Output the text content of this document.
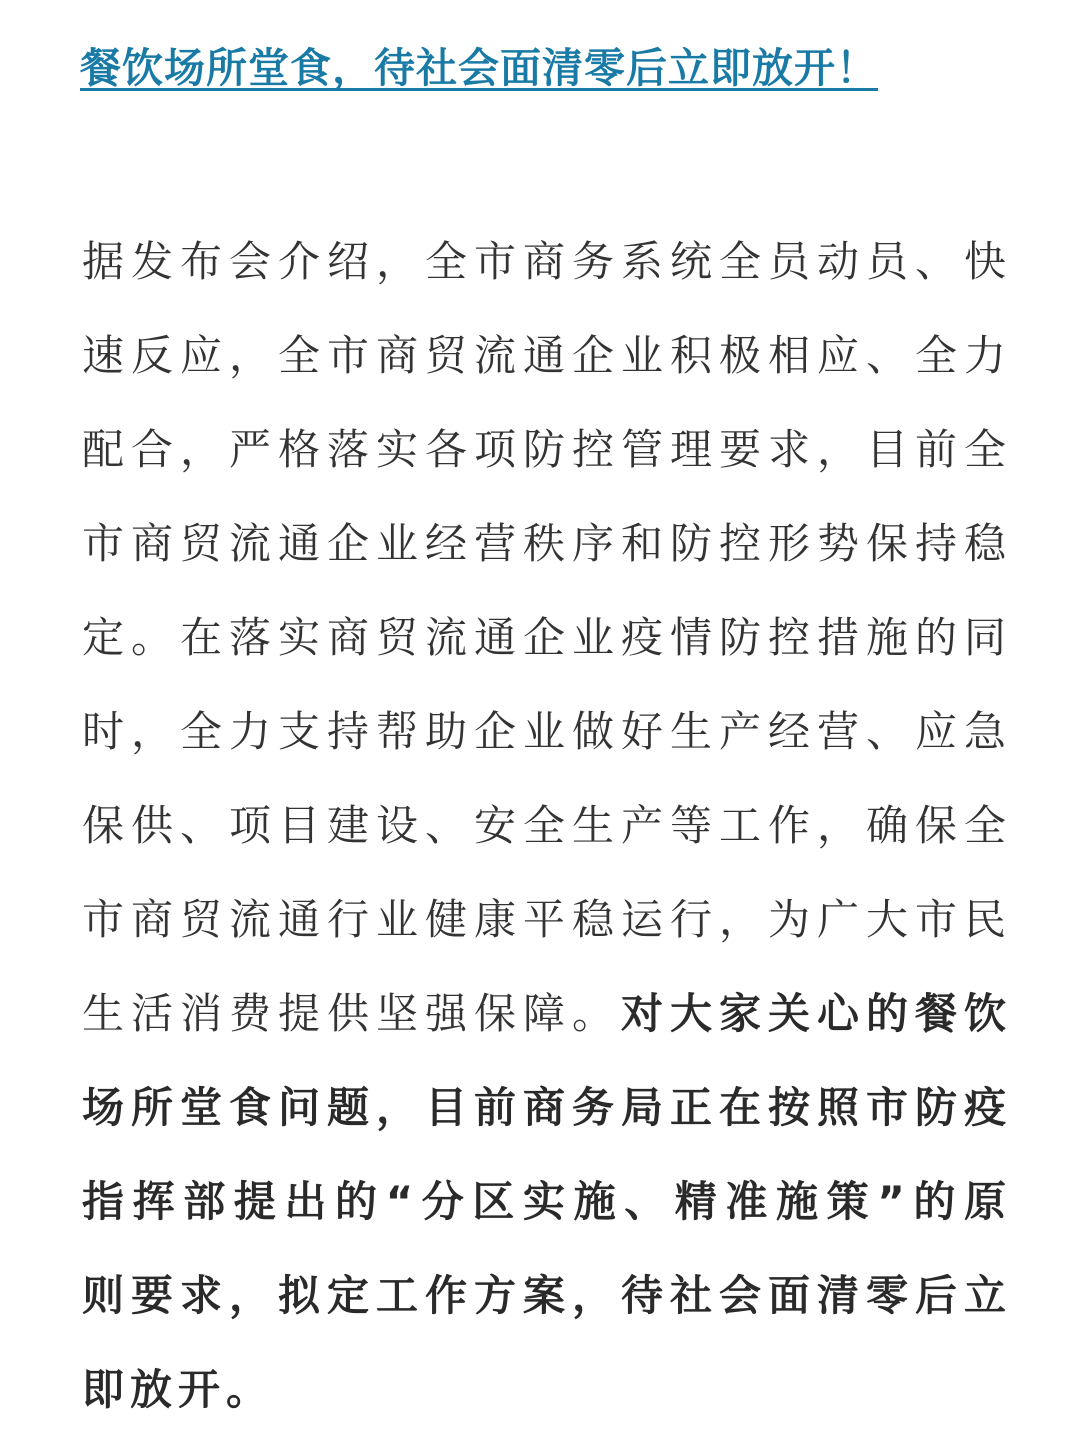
餐饮场所堂食，待社会面清零后立即放开！

据发布会介绍，全市商务系统全员动员、快速反应，全市商贸流通企业积极相应、全力配合，严格落实各项防控管理要求，目前全市商贸流通企业经营秩序和防控形势保持稳定。在落实商贸流通企业疫情防控措施的同时，全力支持帮助企业做好生产经营、应急保供、项目建设、安全生产等工作，确保全市商贸流通行业健康平稳运行，为广大市民生活消费提供坚强保障。对大家关心的餐饮场所堂食问题，目前商务局正在按照市防疫指挥部提出的“分区实施、精准施策”的原则要求，拟定工作方案，待社会面清零后立即放开。
